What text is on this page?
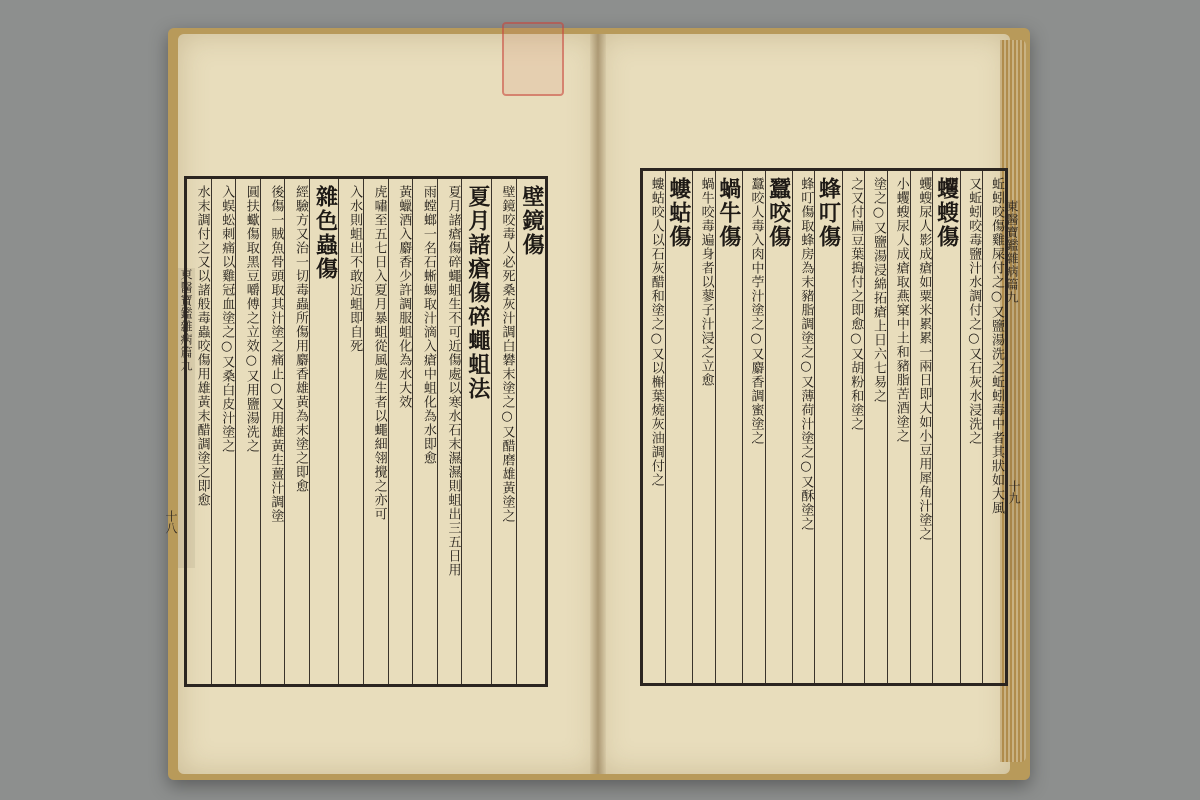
東醫寶鑑雜病篇九
東醫寶鑑雜病篇九
十八
十九
壁鏡傷
壁鏡咬毒人必死桑灰汁調白礬末塗之○又醋磨雄黃塗之
夏月諸瘡傷碎蠅蛆法
夏月諸瘡傷碎蠅蛆生不可近傷處以寒水石末濕濕則蛆出三五日用
雨螳螂一名石蜥蜴取汁滴入瘡中蛆化為水即愈
黃蠟酒入麝香少許調服蛆化為水大效
虎嘯至五七日入夏月暴蛆從風處生者以蠅細翎攪之亦可
入水則蛆出不敢近蛆即自死
雜色蟲傷
經驗方又治一切毒蟲所傷用麝香雄黃為末塗之即愈
後傷一賊魚骨頭取其汁塗之痛止○又用雄黃生薑汁調塗
圓扶蠍傷取黑豆嚼傅之立效○又用鹽湯洗之
入蜈蚣刺痛以雞冠血塗之○又桑白皮汁塗之
水末調付之又以諸般毒蟲咬傷用雄黃末醋調塗之即愈	蚯蚓咬傷雞屎付之○又鹽湯洗之蚯蚓毒中者其狀如大風
又蚯蚓咬毒鹽汁水調付之○又石灰水浸洗之
蠼螋傷
蠼螋尿人影成瘡如粟米累累一兩日即大如小豆用犀角汁塗之
小蠼螋尿人成瘡取燕窠中土和豬脂苦酒塗之
塗之○又鹽湯浸綿拓瘡上日六七易之
之又付扁豆葉搗付之即愈○又胡粉和塗之
蜂叮傷
蜂叮傷取蜂房為末豬脂調塗之○又薄荷汁塗之○又酥塗之
蠶咬傷
蠶咬人毒入肉中苧汁塗之○又麝香調蜜塗之
蝸牛傷
蝸牛咬毒遍身者以蓼子汁浸之立愈
螻蛄傷
螻蛄咬人以石灰醋和塗之○又以槲葉燒灰油調付之
